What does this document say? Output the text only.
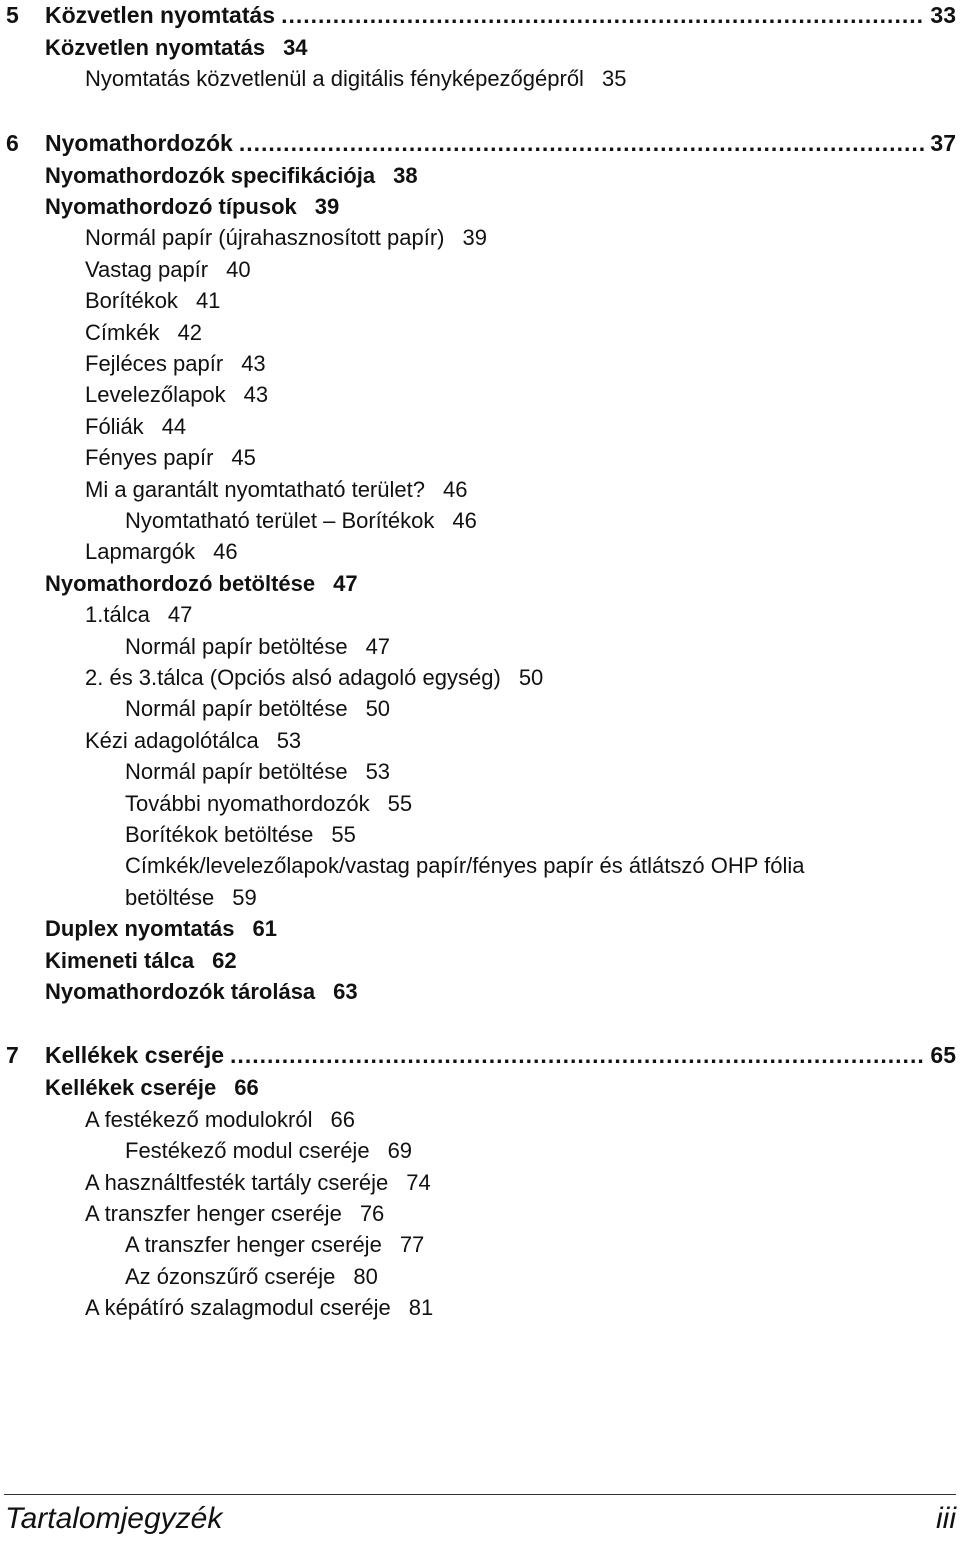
5 Közvetlen nyomtatás .....	33
Közvetlen nyomtatás 34
Nyomtatás közvetlenül a digitális fényképezőgépről 35
6 Nyomathordozók .....	37
Nyomathordozók specifikációja 38
Nyomathordozó típusok 39
Normál papír (újrahasznosított papír) 39
Vastag papír 40
Borítékok 41
Címkék 42
Fejléces papír 43
Levelezőlapok 43
Fóliák 44
Fényes papír 45
Mi a garantált nyomtatható terület? 46
Nyomtatható terület – Borítékok 46
Lapmargók 46
Nyomathordozó betöltése 47
1.tálca 47
Normál papír betöltése 47
2. és 3.tálca (Opciós alsó adagoló egység) 50
Normál papír betöltése 50
Kézi adagolótálca 53
Normál papír betöltése 53
További nyomathordozók 55
Borítékok betöltése 55
Címkék/levelezőlapok/vastag papír/fényes papír és átlátszó OHP fólia
betöltése 59
Duplex nyomtatás 61
Kimeneti tálca 62
Nyomathordozók tárolása 63
7 Kellékek cseréje .....	65
Kellékek cseréje 66
A festékező modulokról 66
Festékező modul cseréje 69
A használtfesték tartály cseréje 74
A transzfer henger cseréje 76
A transzfer henger cseréje 77
Az ózonszűrő cseréje 80
A képátíró szalagmodul cseréje 81
Tartalomjegyzék	iii
